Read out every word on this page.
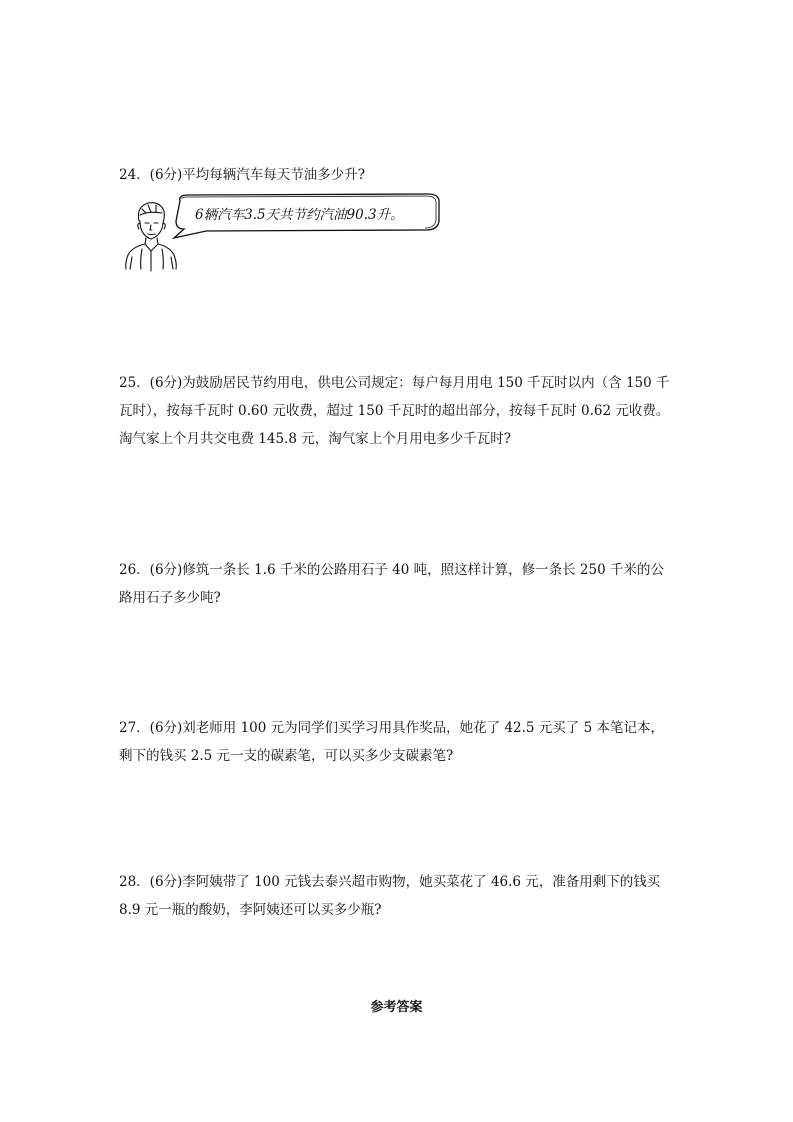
24．(6分)平均每辆汽车每天节油多少升?
6辆汽车3.5天共节约汽油90.3升。
25．(6分)为鼓励居民节约用电，供电公司规定：每户每月用电 150 千瓦时以内（含 150 千
瓦时），按每千瓦时 0.60 元收费，超过 150 千瓦时的超出部分，按每千瓦时 0.62 元收费。
淘气家上个月共交电费 145.8 元，淘气家上个月用电多少千瓦时?
26．(6分)修筑一条长 1.6 千米的公路用石子 40 吨，照这样计算，修一条长 250 千米的公
路用石子多少吨?
27．(6分)刘老师用 100 元为同学们买学习用具作奖品，她花了 42.5 元买了 5 本笔记本，
剩下的钱买 2.5 元一支的碳素笔，可以买多少支碳素笔?
28．(6分)李阿姨带了 100 元钱去泰兴超市购物，她买菜花了 46.6 元，准备用剩下的钱买
8.9 元一瓶的酸奶，李阿姨还可以买多少瓶?
参考答案
